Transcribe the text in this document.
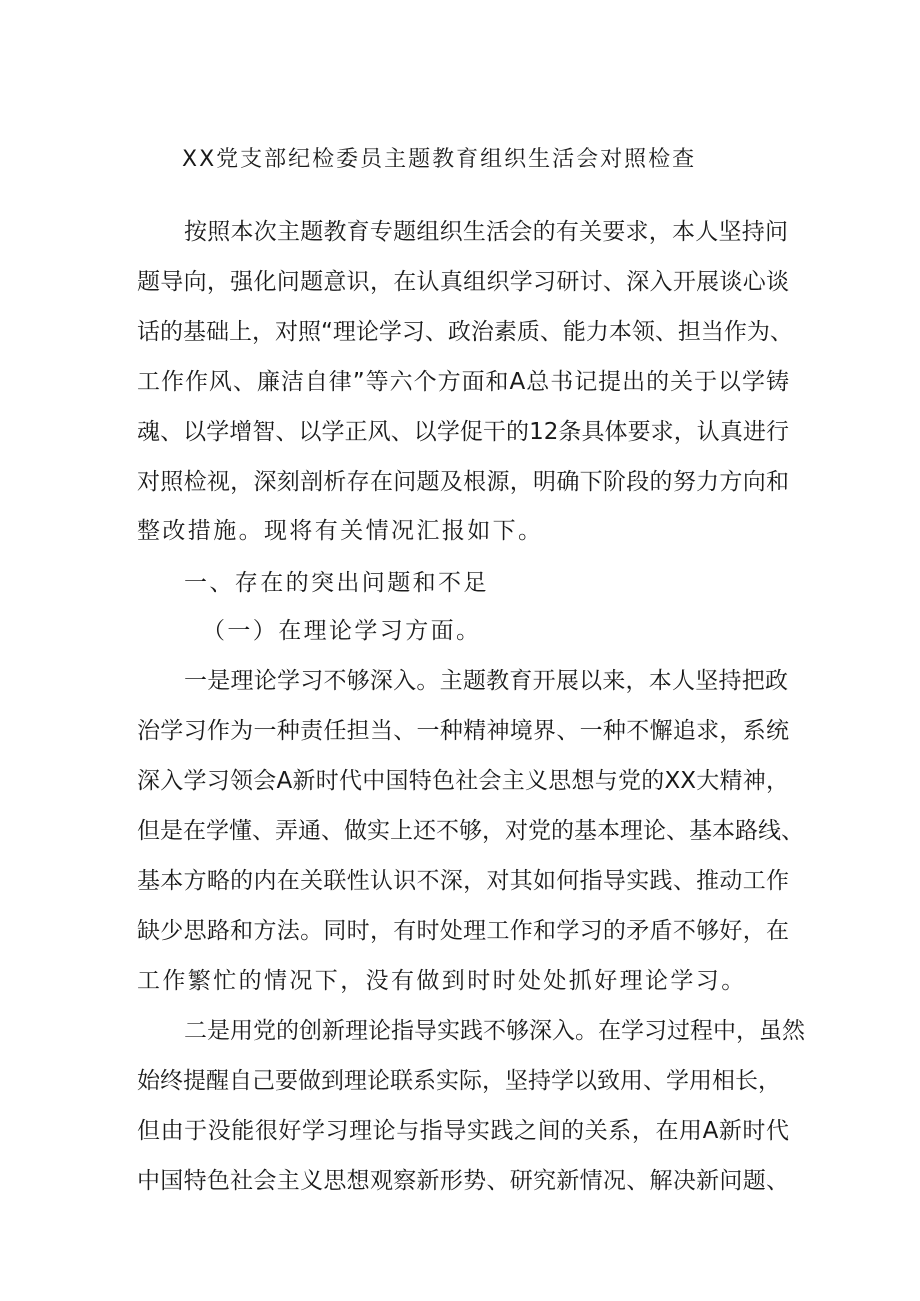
XX党支部纪检委员主题教育组织生活会对照检查
按照本次主题教育专题组织生活会的有关要求，本人坚持问
题导向，强化问题意识，在认真组织学习研讨、深入开展谈心谈
话的基础上，对照“理论学习、政治素质、能力本领、担当作为、
工作作风、廉洁自律”等六个方面和A总书记提出的关于以学铸
魂、以学增智、以学正风、以学促干的12条具体要求，认真进行
对照检视，深刻剖析存在问题及根源，明确下阶段的努力方向和
整改措施。现将有关情况汇报如下。
一、存在的突出问题和不足
（一）在理论学习方面。
一是理论学习不够深入。主题教育开展以来，本人坚持把政
治学习作为一种责任担当、一种精神境界、一种不懈追求，系统
深入学习领会A新时代中国特色社会主义思想与党的XX大精神，
但是在学懂、弄通、做实上还不够，对党的基本理论、基本路线、
基本方略的内在关联性认识不深，对其如何指导实践、推动工作
缺少思路和方法。同时，有时处理工作和学习的矛盾不够好，在
工作繁忙的情况下，没有做到时时处处抓好理论学习。
二是用党的创新理论指导实践不够深入。在学习过程中，虽然
始终提醒自己要做到理论联系实际，坚持学以致用、学用相长，
但由于没能很好学习理论与指导实践之间的关系，在用A新时代
中国特色社会主义思想观察新形势、研究新情况、解决新问题、
